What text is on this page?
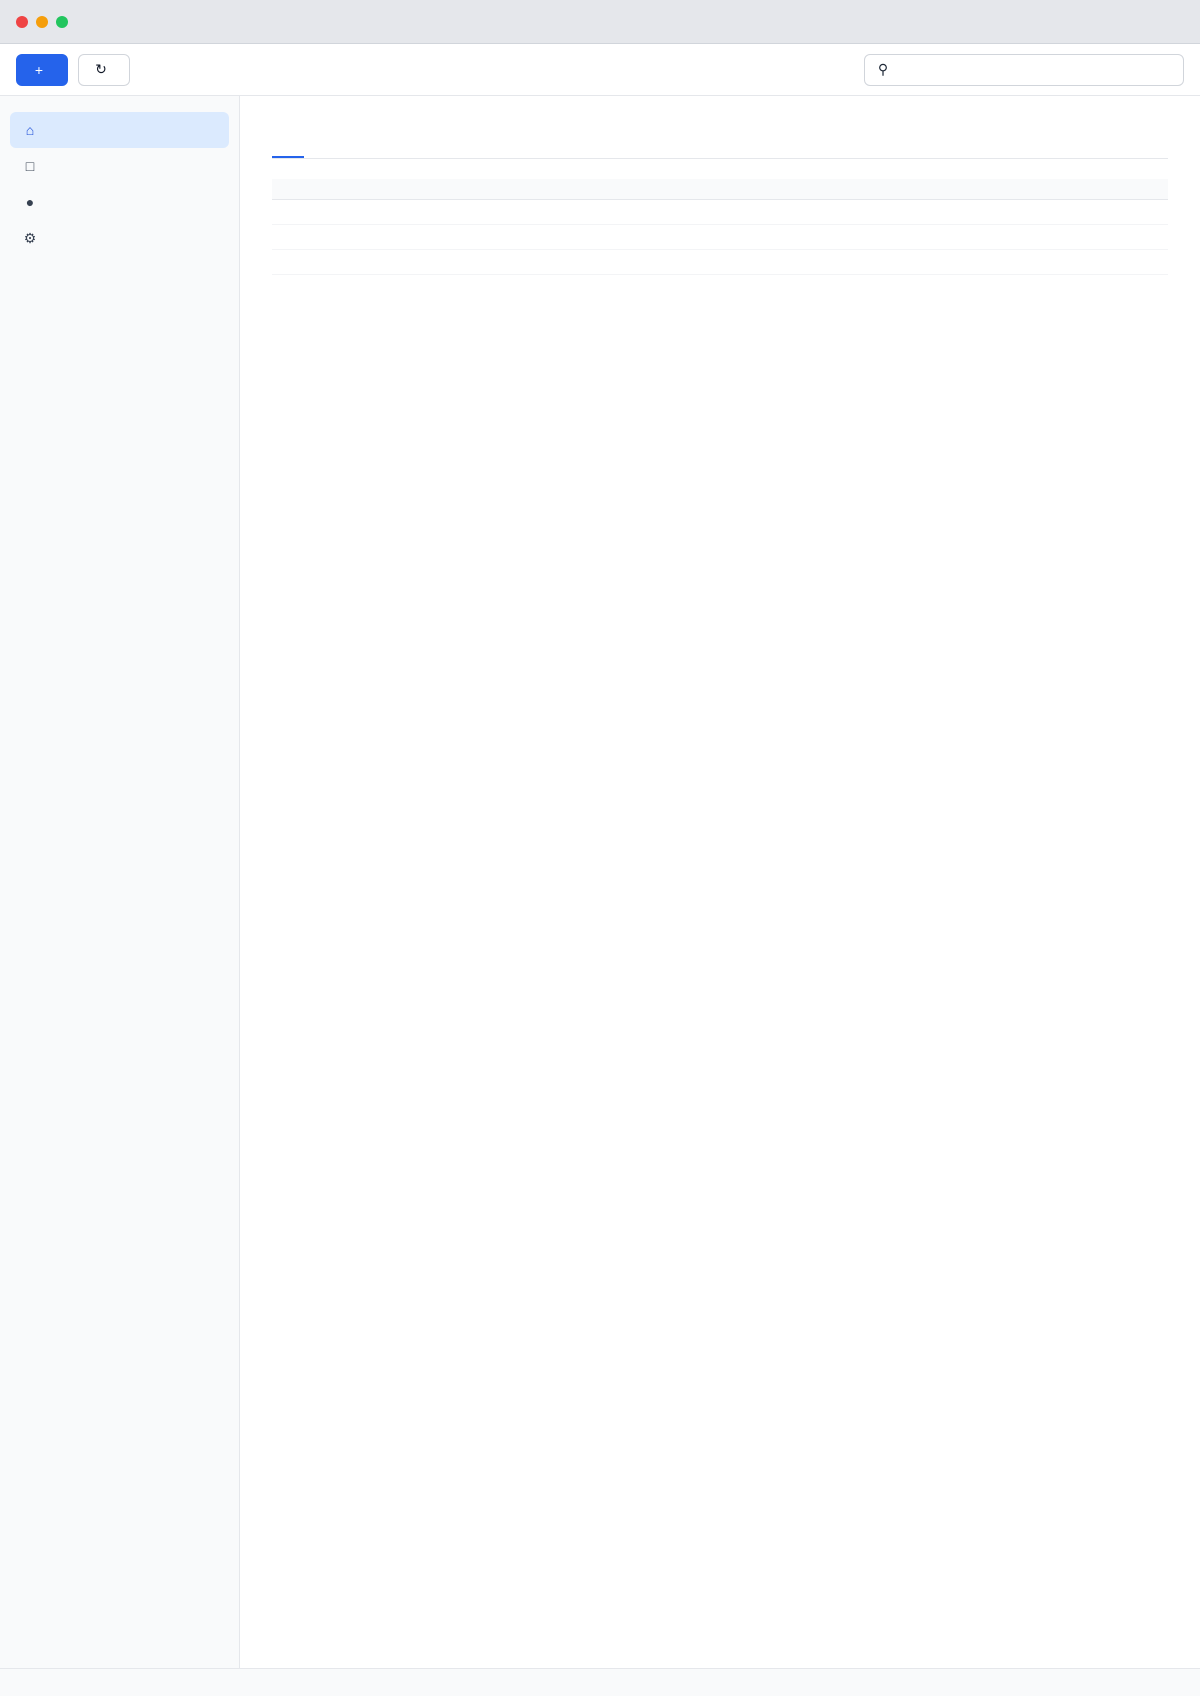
+	↻	⚲
⌂
□
●
⚙
